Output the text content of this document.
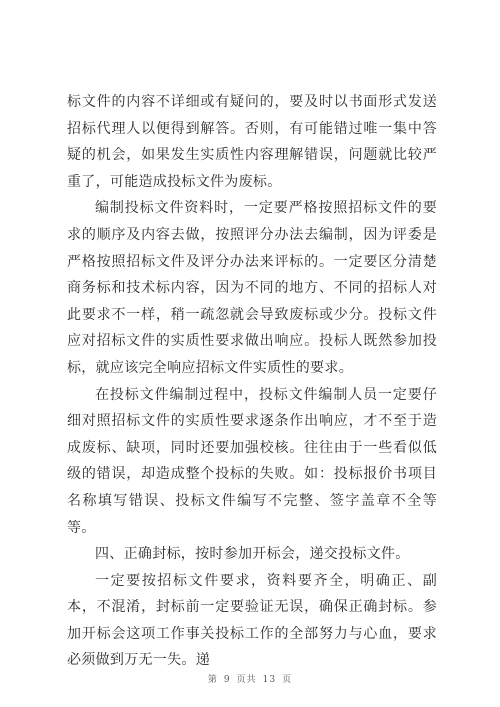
标文件的内容不详细或有疑问的，要及时以书面形式发送招标代理人以便得到解答。否则，有可能错过唯一集中答疑的机会，如果发生实质性内容理解错误，问题就比较严重了，可能造成投标文件为废标。

编制投标文件资料时，一定要严格按照招标文件的要求的顺序及内容去做，按照评分办法去编制，因为评委是严格按照招标文件及评分办法来评标的。一定要区分清楚商务标和技术标内容，因为不同的地方、不同的招标人对此要求不一样，稍一疏忽就会导致废标或少分。投标文件应对招标文件的实质性要求做出响应。投标人既然参加投标，就应该完全响应招标文件实质性的要求。

在投标文件编制过程中，投标文件编制人员一定要仔细对照招标文件的实质性要求逐条作出响应，才不至于造成废标、缺项，同时还要加强校核。往往由于一些看似低级的错误，却造成整个投标的失败。如：投标报价书项目名称填写错误、投标文件编写不完整、签字盖章不全等等。

四、正确封标，按时参加开标会，递交投标文件。

一定要按招标文件要求，资料要齐全，明确正、副本，不混淆，封标前一定要验证无误，确保正确封标。参加开标会这项工作事关投标工作的全部努力与心血，要求必须做到万无一失。递

第 9 页共 13 页
